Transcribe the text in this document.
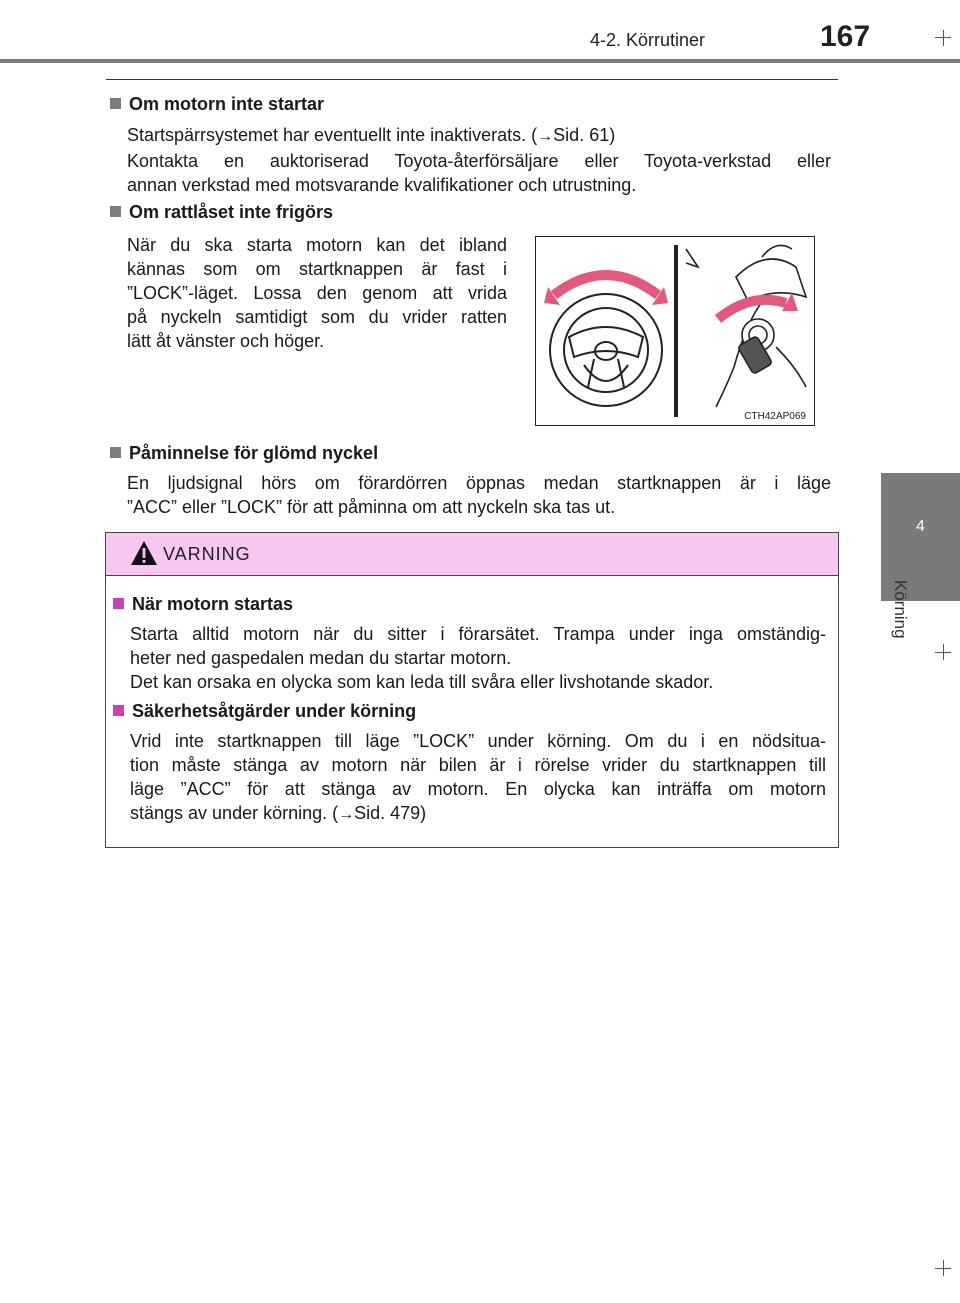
4-2. Körrutiner	167
4
Körning
Om motorn inte startar
Startspärrsystemet har eventuellt inte inaktiverats. (→Sid. 61)
Kontakta en auktoriserad Toyota-återförsäljare eller Toyota-verkstad eller
annan verkstad med motsvarande kvalifikationer och utrustning.
Om rattlåset inte frigörs
När du ska starta motorn kan det ibland
kännas som om startknappen är fast i
”LOCK”-läget. Lossa den genom att vrida
på nyckeln samtidigt som du vrider ratten
lätt åt vänster och höger.
CTH42AP069
Påminnelse för glömd nyckel
En ljudsignal hörs om förardörren öppnas medan startknappen är i läge
”ACC” eller ”LOCK” för att påminna om att nyckeln ska tas ut.
VARNING
När motorn startas
Starta alltid motorn när du sitter i förarsätet. Trampa under inga omständig-
heter ned gaspedalen medan du startar motorn.
Det kan orsaka en olycka som kan leda till svåra eller livshotande skador.
Säkerhetsåtgärder under körning
Vrid inte startknappen till läge ”LOCK” under körning. Om du i en nödsitua-
tion måste stänga av motorn när bilen är i rörelse vrider du startknappen till
läge ”ACC” för att stänga av motorn. En olycka kan inträffa om motorn
stängs av under körning. (→Sid. 479)
